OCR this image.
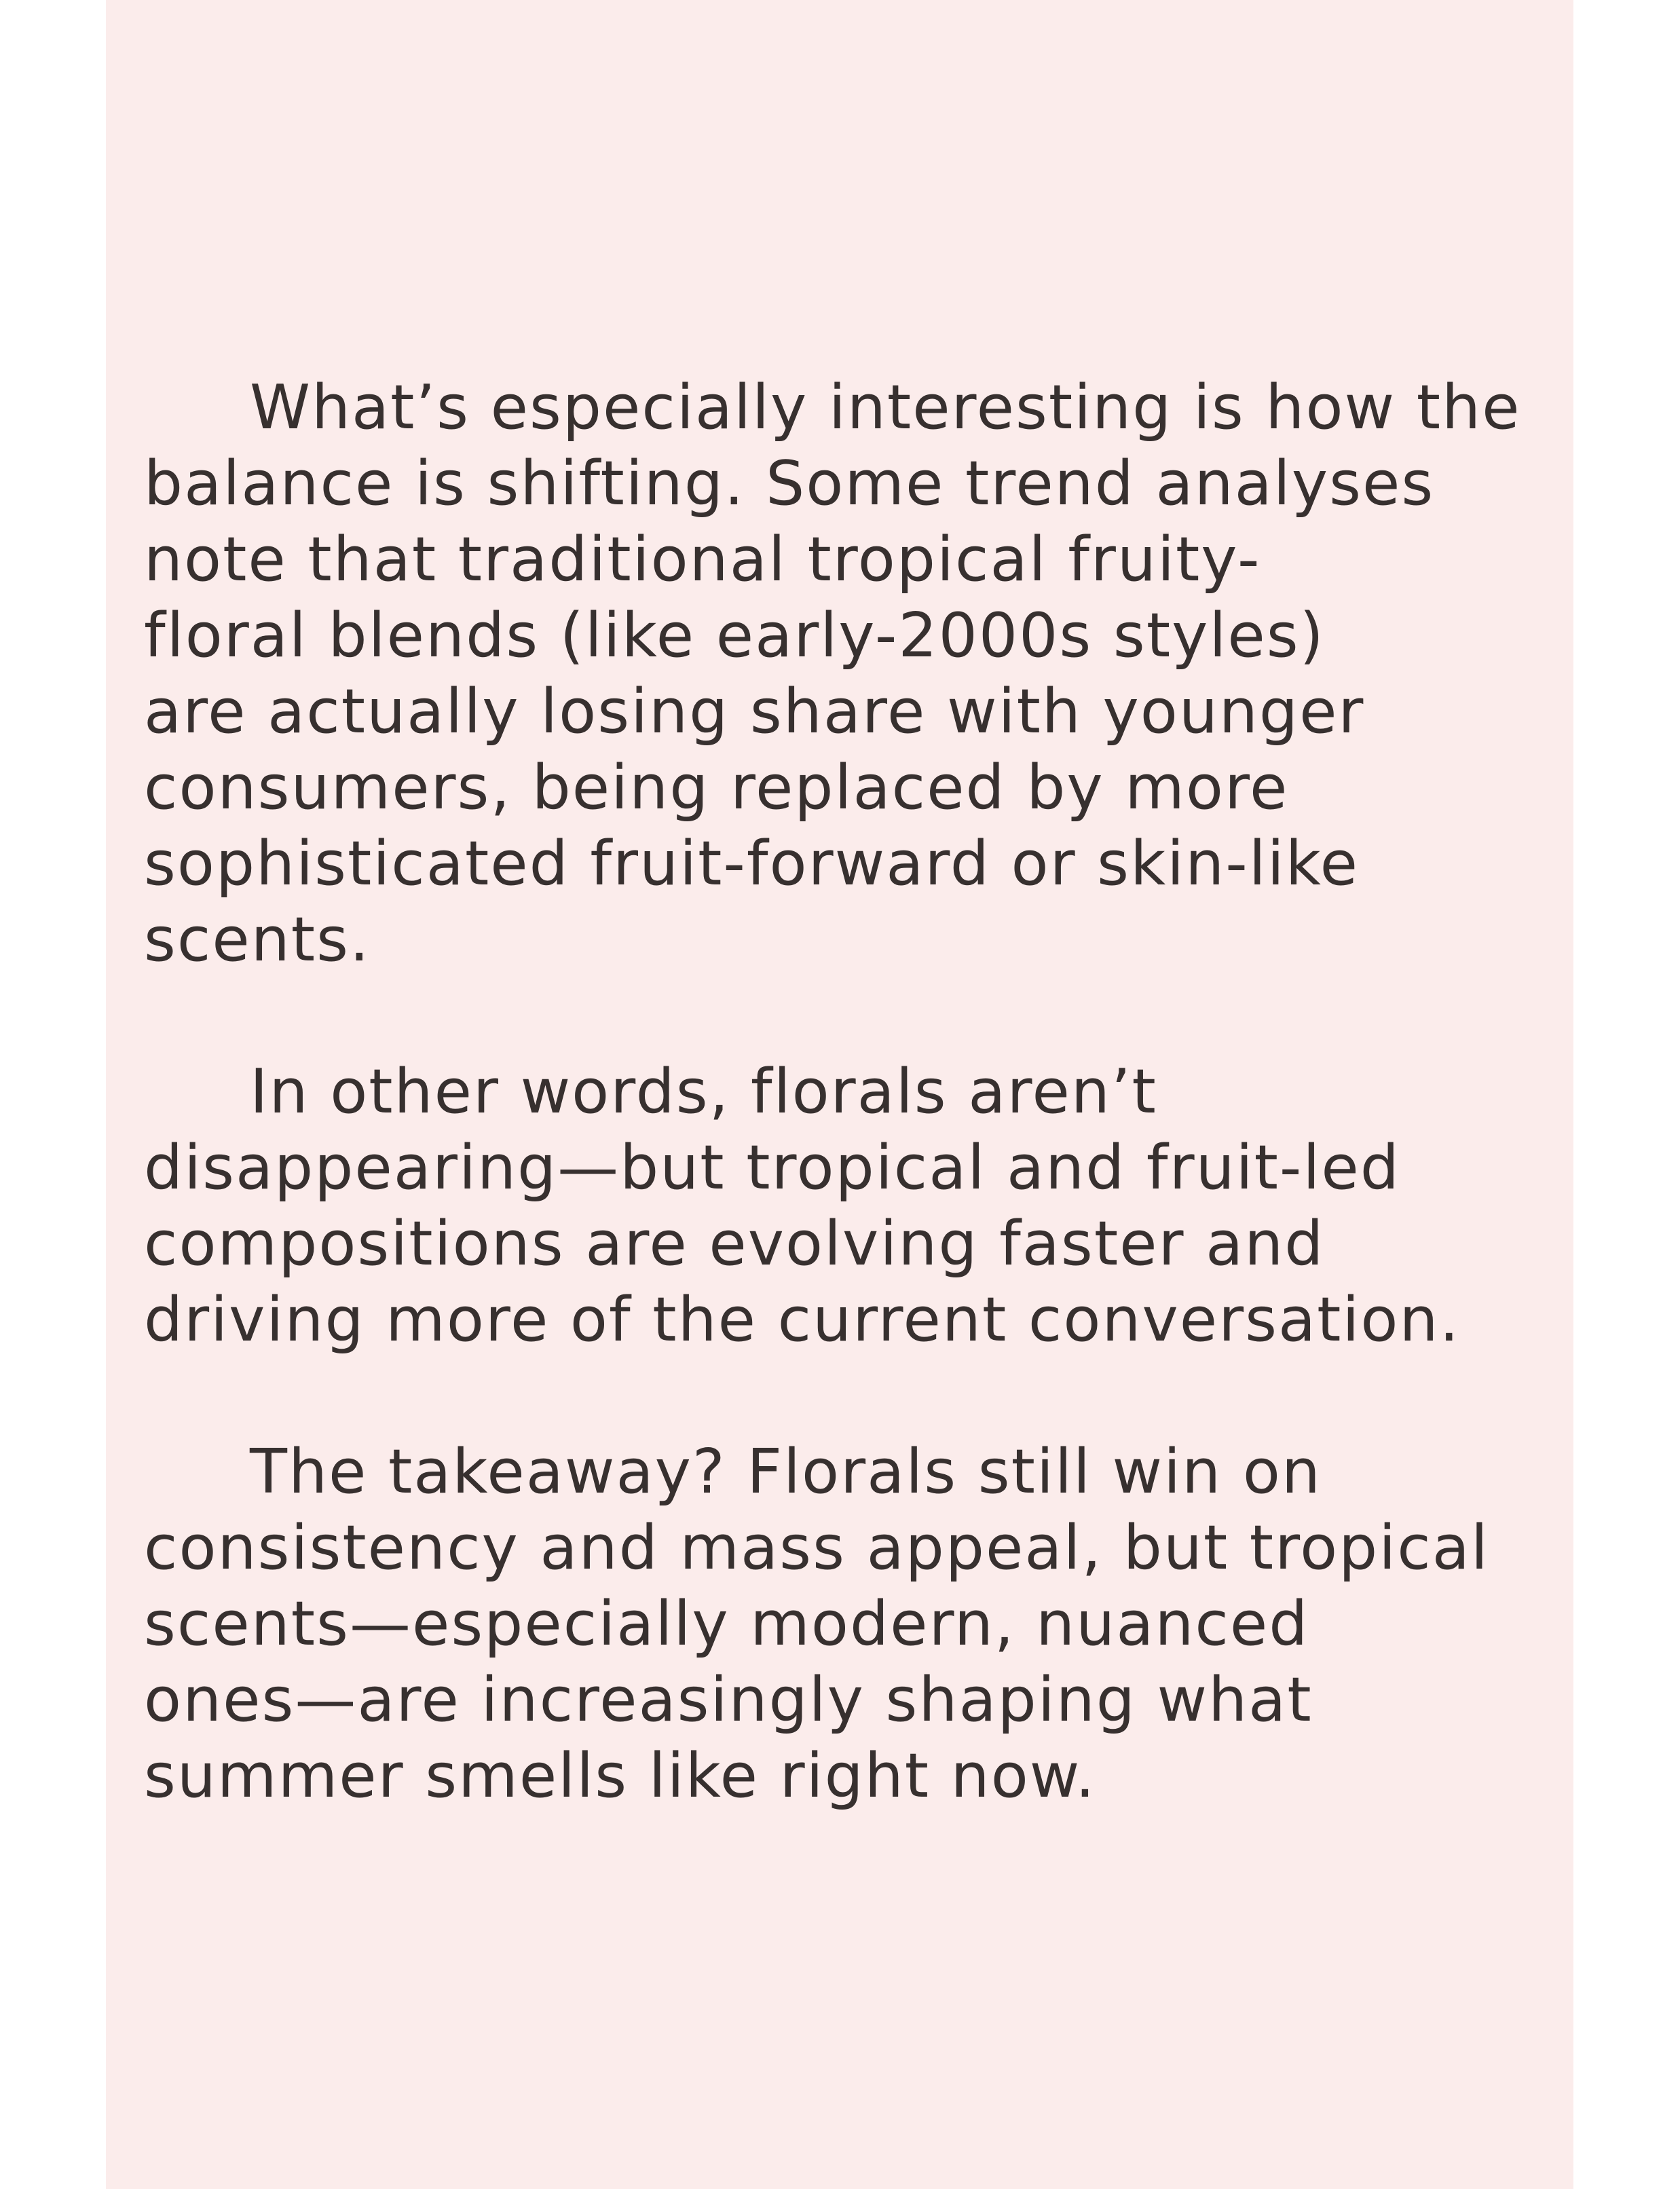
What’s especially interesting is how the
balance is shifting. Some trend analyses
note that traditional tropical fruity-
floral blends (like early-2000s styles)
are actually losing share with younger
consumers, being replaced by more
sophisticated fruit-forward or skin-like
scents.
In other words, florals aren’t
disappearing—but tropical and fruit-led
compositions are evolving faster and
driving more of the current conversation.
The takeaway? Florals still win on
consistency and mass appeal, but tropical
scents—especially modern, nuanced
ones—are increasingly shaping what
summer smells like right now.
